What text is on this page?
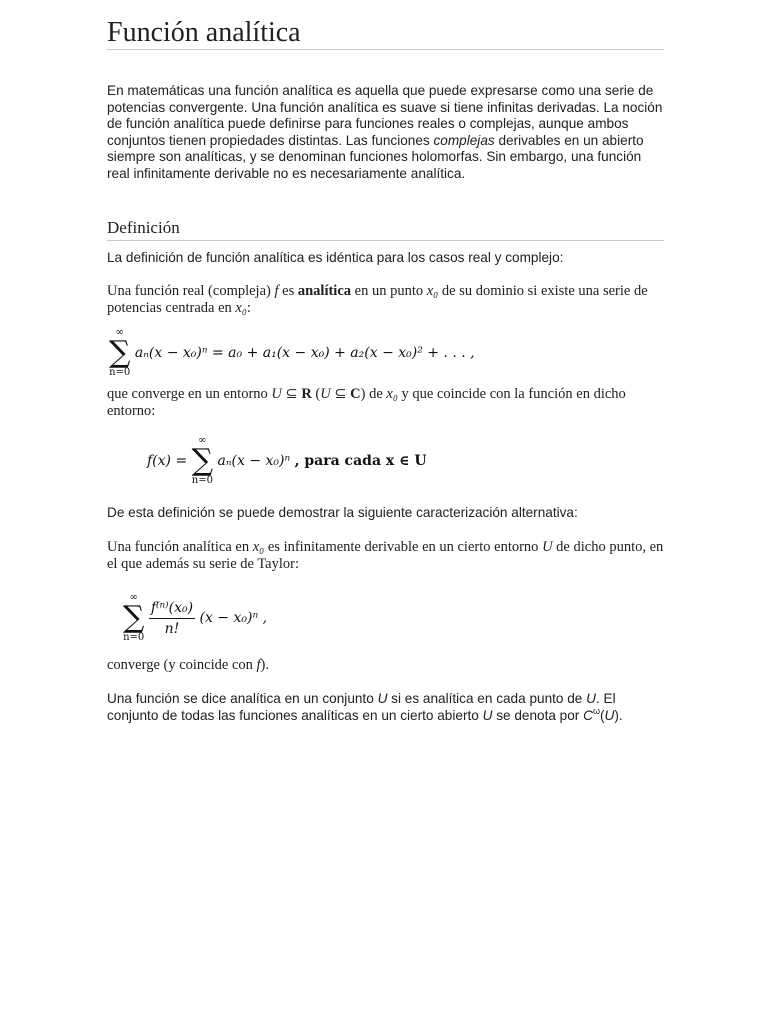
Función analítica

En matemáticas una función analítica es aquella que puede expresarse como una serie de potencias convergente. Una función analítica es suave si tiene infinitas derivadas. La noción de función analítica puede definirse para funciones reales o complejas, aunque ambos conjuntos tienen propiedades distintas. Las funciones complejas derivables en un abierto siempre son analíticas, y se denominan funciones holomorfas. Sin embargo, una función real infinitamente derivable no es necesariamente analítica.

Definición

La definición de función analítica es idéntica para los casos real y complejo:

Una función real (compleja) f es analítica en un punto x₀ de su dominio si existe una serie de potencias centrada en x₀:

∞
∑
n=0
aₙ(x − x₀)ⁿ = a₀ + a₁(x − x₀) + a₂(x − x₀)² + . . . ,

que converge en un entorno U ⊆ R (U ⊆ C) de x₀ y que coincide con la función en dicho entorno:

f(x) =
∞
∑
n=0
aₙ(x − x₀)ⁿ , para cada x ∈ U

De esta definición se puede demostrar la siguiente caracterización alternativa:

Una función analítica en x₀ es infinitamente derivable en un cierto entorno U de dicho punto, en el que además su serie de Taylor:

∞
∑
n=0

$\frac{\text{f⁽ⁿ⁾(x₀)}}{n!} (x - x_0)^n$ ,

converge (y coincide con f).

Una función se dice analítica en un conjunto U si es analítica en cada punto de U. El conjunto de todas las funciones analíticas en un cierto abierto U se denota por $C^\omega(U)$.
